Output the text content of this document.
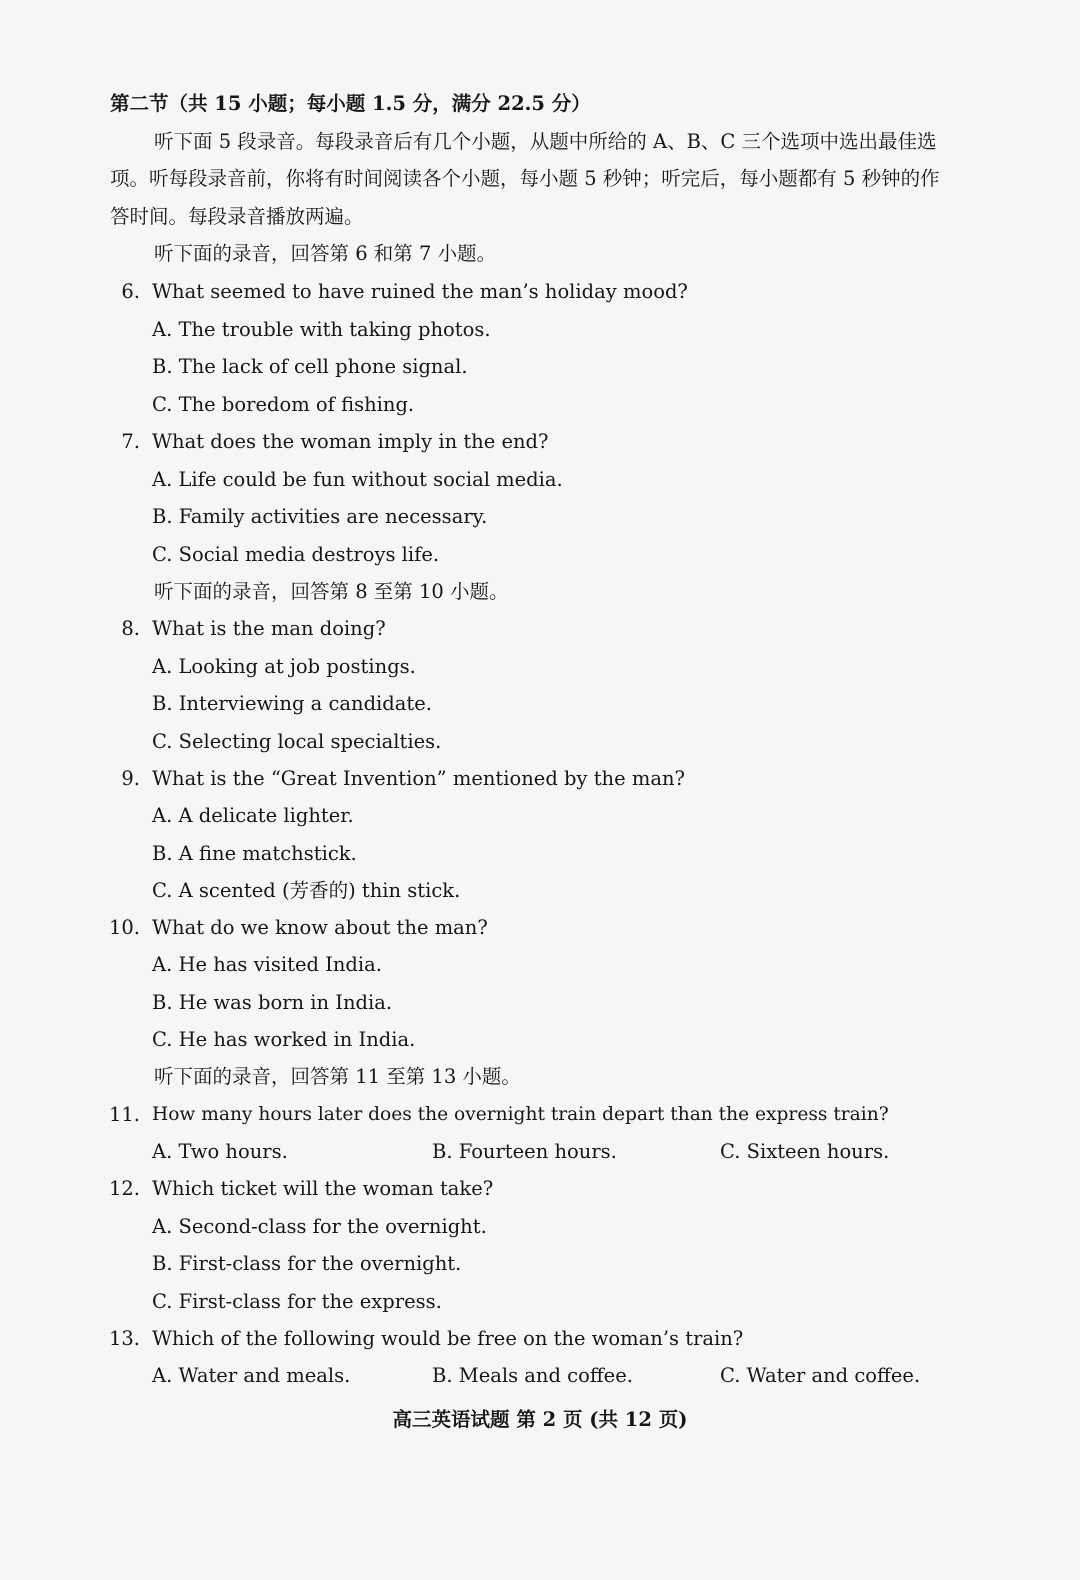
第二节（共 15 小题；每小题 1.5 分，满分 22.5 分）
听下面 5 段录音。每段录音后有几个小题，从题中所给的 A、B、C 三个选项中选出最佳选
项。听每段录音前，你将有时间阅读各个小题，每小题 5 秒钟；听完后，每小题都有 5 秒钟的作
答时间。每段录音播放两遍。
听下面的录音，回答第 6 和第 7 小题。
6. What seemed to have ruined the man’s holiday mood?
A. The trouble with taking photos.
B. The lack of cell phone signal.
C. The boredom of fishing.
7. What does the woman imply in the end?
A. Life could be fun without social media.
B. Family activities are necessary.
C. Social media destroys life.
听下面的录音，回答第 8 至第 10 小题。
8. What is the man doing?
A. Looking at job postings.
B. Interviewing a candidate.
C. Selecting local specialties.
9. What is the “Great Invention” mentioned by the man?
A. A delicate lighter.
B. A fine matchstick.
C. A scented (芳香的) thin stick.
10. What do we know about the man?
A. He has visited India.
B. He was born in India.
C. He has worked in India.
听下面的录音，回答第 11 至第 13 小题。
11. How many hours later does the overnight train depart than the express train?
A. Two hours.	B. Fourteen hours.	C. Sixteen hours.
12. Which ticket will the woman take?
A. Second-class for the overnight.
B. First-class for the overnight.
C. First-class for the express.
13. Which of the following would be free on the woman’s train?
A. Water and meals.	B. Meals and coffee.	C. Water and coffee.
高三英语试题 第 2 页 (共 12 页)
